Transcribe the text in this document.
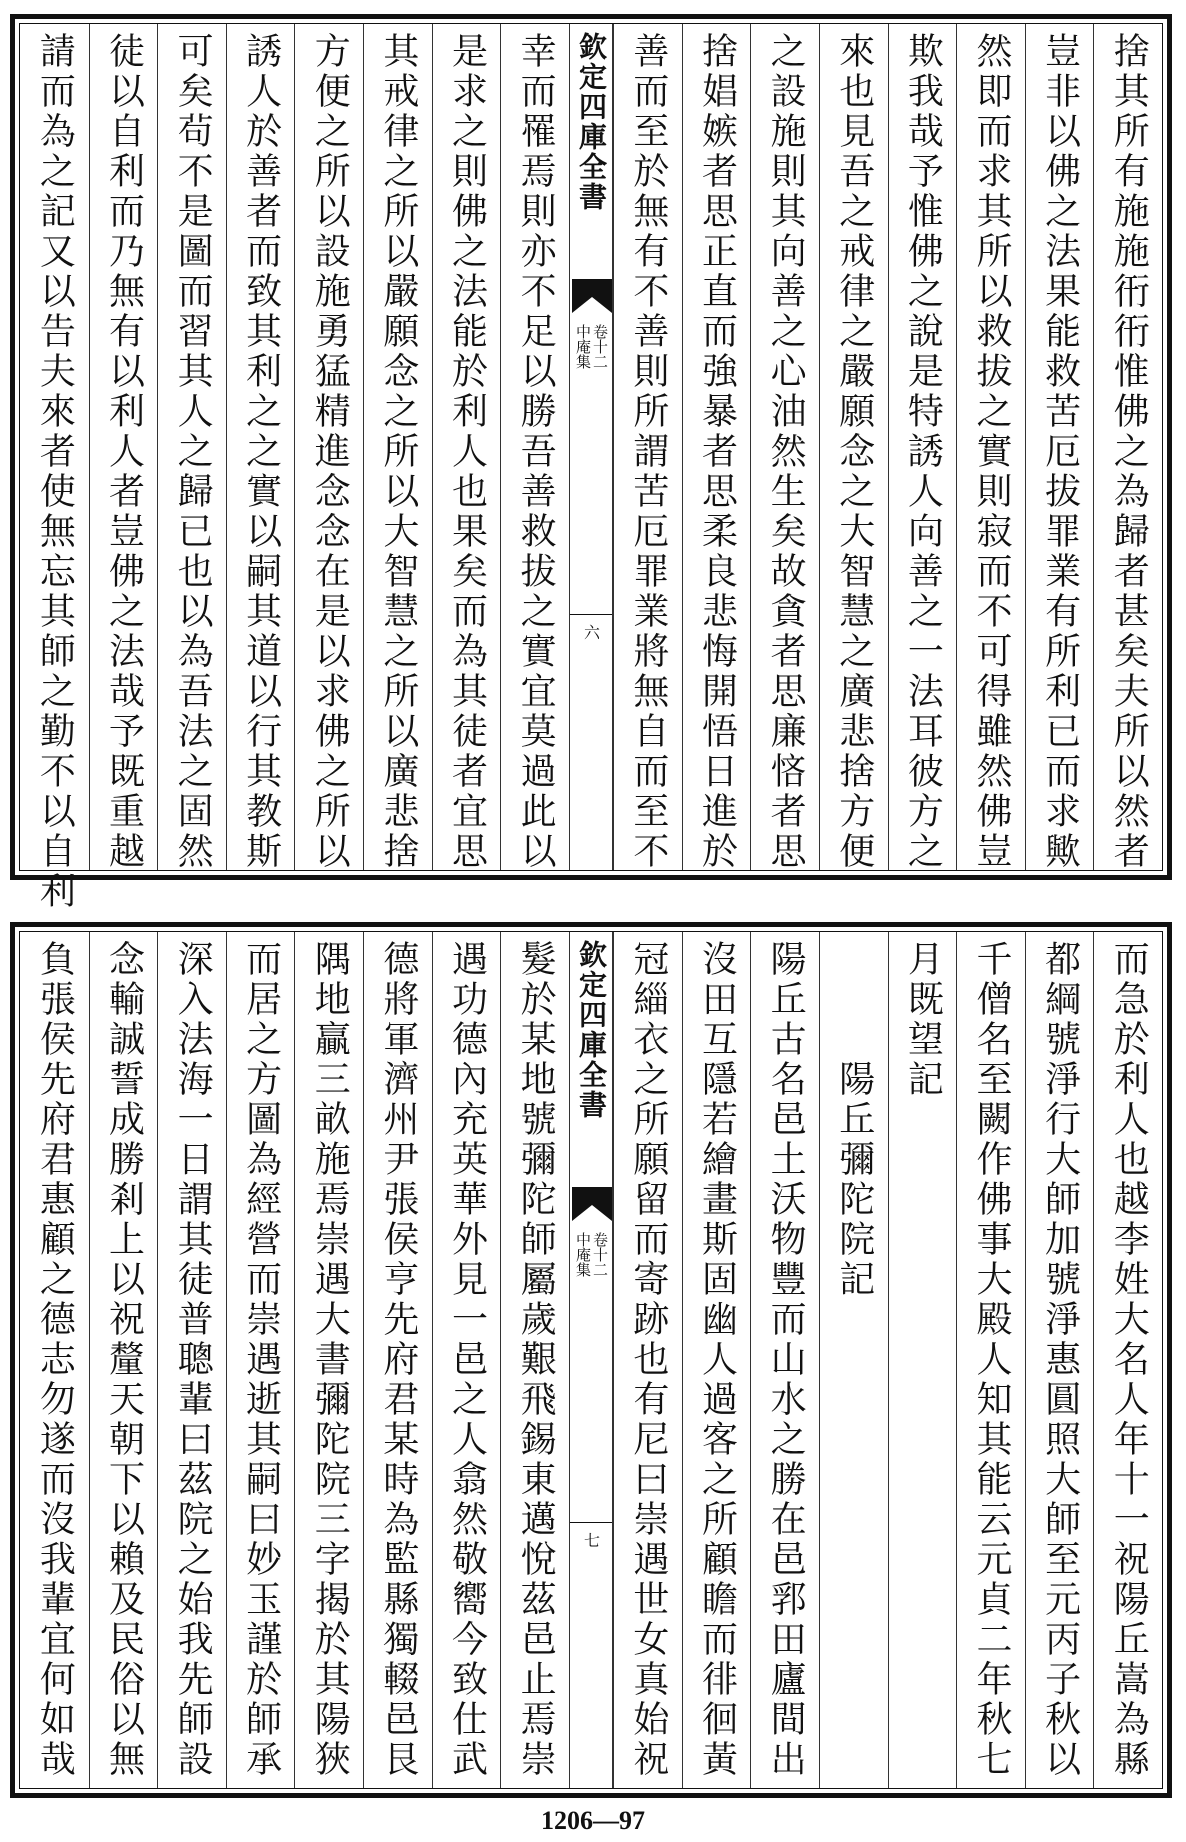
捨其所有施施衎衎惟佛之為歸者甚矣夫所以然者
豈非以佛之法果能救苦厄拔罪業有所利已而求歟
然即而求其所以救拔之實則寂而不可得雖然佛豈
欺我哉予惟佛之說是特誘人向善之一法耳彼方之
來也見吾之戒律之嚴願念之大智慧之廣悲捨方便
之設施則其向善之心油然生矣故貪者思廉悋者思
捨娼嫉者思正直而強暴者思柔良悲悔開悟日進於
善而至於無有不善則所謂苦厄罪業將無自而至不
欽定四庫全書
中庵集 卷十二
六
幸而罹焉則亦不足以勝吾善救拔之實宜莫過此以
是求之則佛之法能於利人也果矣而為其徒者宜思
其戒律之所以嚴願念之所以大智慧之所以廣悲捨
方便之所以設施勇猛精進念念在是以求佛之所以
誘人於善者而致其利之之實以嗣其道以行其教斯
可矣茍不是圖而習其人之歸已也以為吾法之固然
徒以自利而乃無有以利人者豈佛之法哉予既重越
請而為之記又以告夫來者使無忘其師之勤不以自利
而急於利人也越李姓大名人年十一祝陽丘嵩為縣
都綱號淨行大師加號淨惠圓照大師至元丙子秋以
千僧名至闕作佛事大殿人知其能云元貞二年秋七
月既望記
陽丘彌陀院記
陽丘古名邑土沃物豐而山水之勝在邑郛田廬間出
沒田互隱若繪畫斯固幽人過客之所顧瞻而徘徊黃
冠緇衣之所願留而寄跡也有尼曰崇遇世女真始祝
欽定四庫全書
中庵集 卷十二
七
髮於某地號彌陀師屬歲艱飛錫東邁悅茲邑止焉崇
遇功德內充英華外見一邑之人翕然敬嚮今致仕武
德將軍濟州尹張侯亨先府君某時為監縣獨輟邑艮
隅地贏三畝施焉崇遇大書彌陀院三字揭於其陽狹
而居之方圖為經營而崇遇逝其嗣曰妙玉謹於師承
深入法海一日謂其徒普聰輩曰茲院之始我先師設
念輸誠誓成勝剎上以祝釐天朝下以賴及民俗以無
負張侯先府君惠顧之德志勿遂而沒我輩宜何如哉
1206—97
